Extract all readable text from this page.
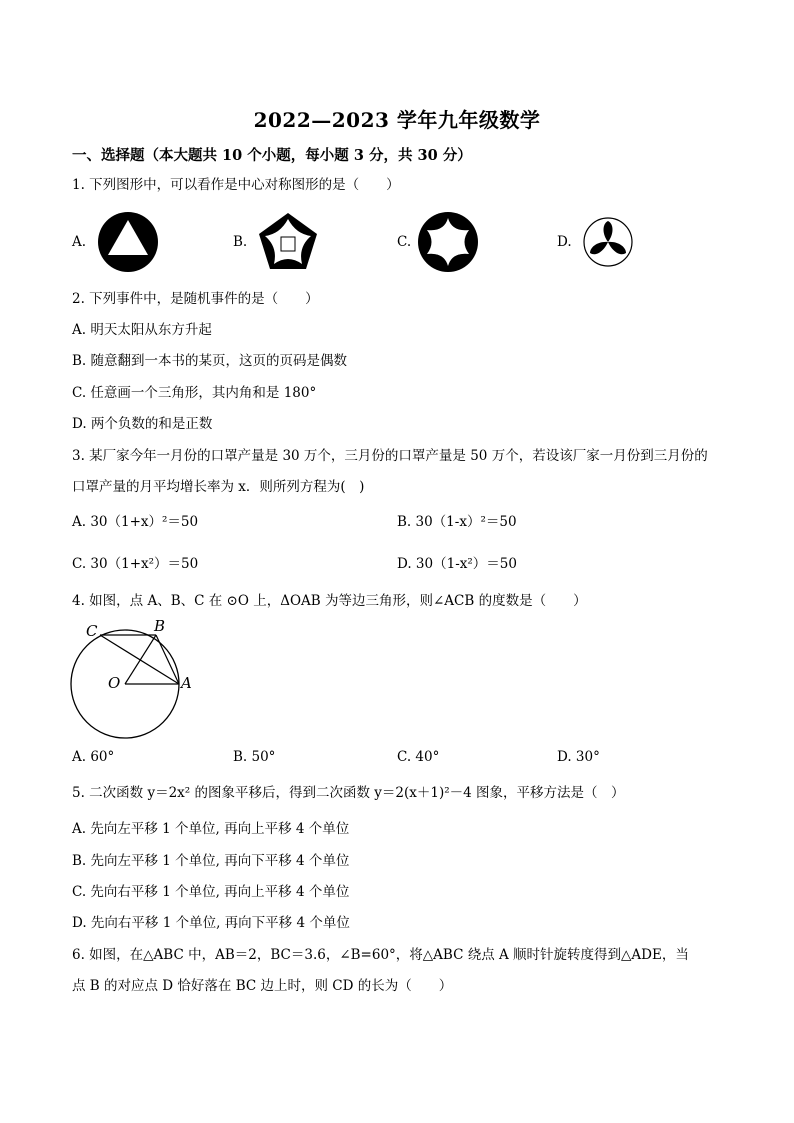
2022—2023 学年九年级数学
一、选择题（本大题共 10 个小题，每小题 3 分，共 30 分）
1. 下列图形中，可以看作是中心对称图形的是（　　）
A.	B.	C.	D.
2. 下列事件中，是随机事件的是（　　）
A. 明天太阳从东方升起
B. 随意翻到一本书的某页，这页的页码是偶数
C. 任意画一个三角形，其内角和是 180°
D. 两个负数的和是正数
3. 某厂家今年一月份的口罩产量是 30 万个，三月份的口罩产量是 50 万个，若设该厂家一月份到三月份的
口罩产量的月平均增长率为 x．则所列方程为(　)
A. 30（1+x）²＝50	B. 30（1-x）²＝50
C. 30（1+x²）＝50	D. 30（1-x²）＝50
4. 如图，点 A、B、C 在 ⊙O 上，ΔOAB 为等边三角形，则∠ACB 的度数是（　　）
C	B
O	A
A. 60°	B. 50°	C. 40°	D. 30°
5. 二次函数 y＝2x² 的图象平移后，得到二次函数 y＝2(x＋1)²－4 图象，平移方法是（　）
A. 先向左平移 1 个单位, 再向上平移 4 个单位
B. 先向左平移 1 个单位, 再向下平移 4 个单位
C. 先向右平移 1 个单位, 再向上平移 4 个单位
D. 先向右平移 1 个单位, 再向下平移 4 个单位
6. 如图，在△ABC 中，AB＝2，BC＝3.6，∠B=60°，将△ABC 绕点 A 顺时针旋转度得到△ADE，当
点 B 的对应点 D 恰好落在 BC 边上时，则 CD 的长为（　　）
